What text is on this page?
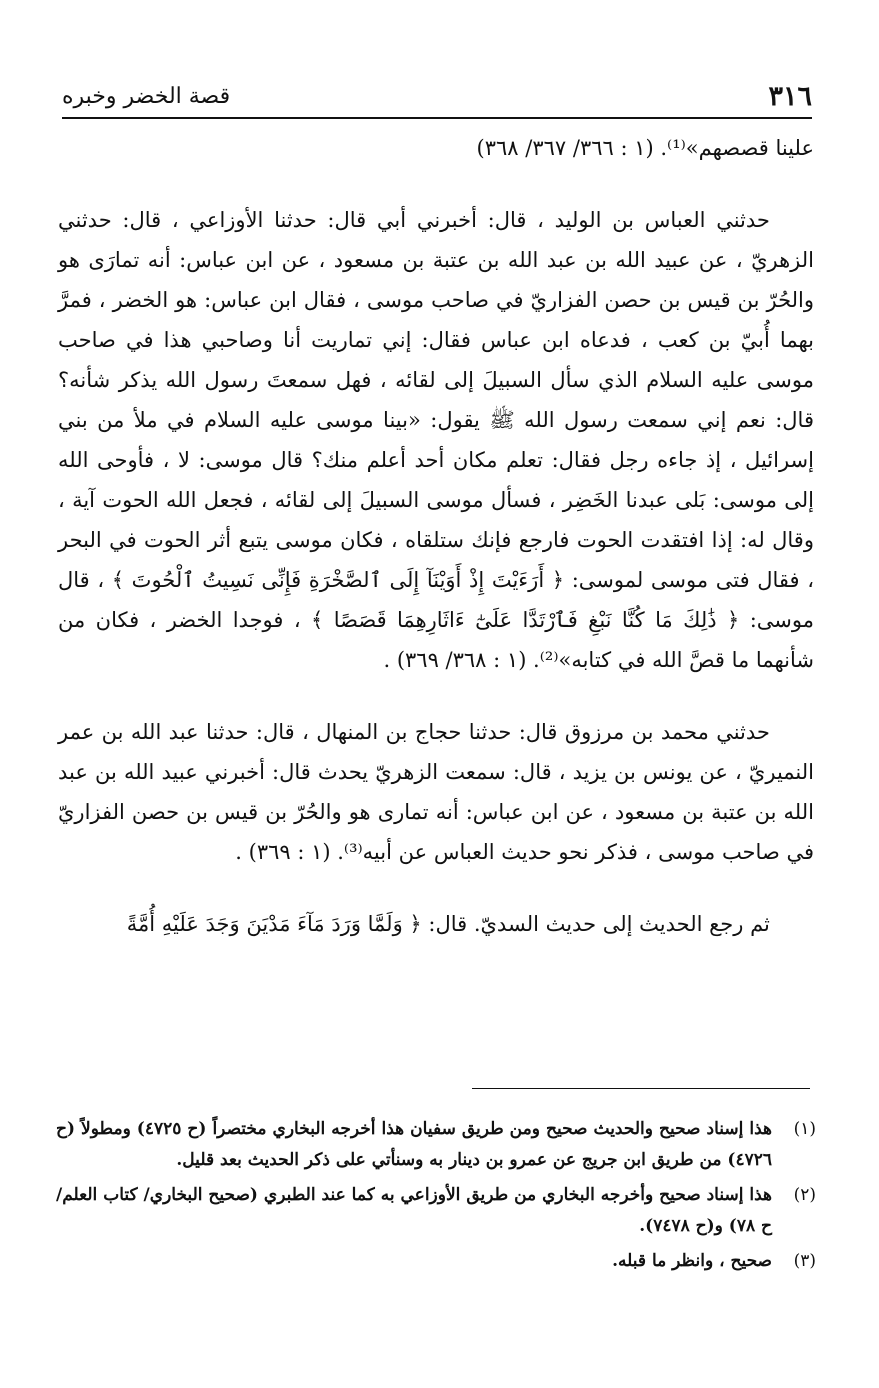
٣١٦
قصة الخضر وخبره

علينا قصصهم»⁽¹⁾. (١ : ٣٦٦/ ٣٦٧/ ٣٦٨)

حدثني العباس بن الوليد ، قال: أخبرني أبي قال: حدثنا الأوزاعي ، قال: حدثني الزهريّ ، عن عبيد الله بن عبد الله بن عتبة بن مسعود ، عن ابن عباس: أنه تمارَى هو والحُرّ بن قيس بن حصن الفزاريّ في صاحب موسى ، فقال ابن عباس: هو الخضر ، فمرَّ بهما أُبيّ بن كعب ، فدعاه ابن عباس فقال: إني تماريت أنا وصاحبي هذا في صاحب موسى عليه السلام الذي سأل السبيلَ إلى لقائه ، فهل سمعتَ رسول الله يذكر شأنه؟ قال: نعم إني سمعت رسول الله ﷺ يقول: «بينا موسى عليه السلام في ملأ من بني إسرائيل ، إذ جاءه رجل فقال: تعلم مكان أحد أعلم منك؟ قال موسى: لا ، فأوحى الله إلى موسى: بَلى عبدنا الخَضِر ، فسأل موسى السبيلَ إلى لقائه ، فجعل الله الحوت آية ، وقال له: إذا افتقدت الحوت فارجع فإنك ستلقاه ، فكان موسى يتبع أثر الحوت في البحر ، فقال فتى موسى لموسى: ﴿ أَرَءَيْتَ إِذْ أَوَيْنَآ إِلَى ٱلصَّخْرَةِ فَإِنِّى نَسِيتُ ٱلْحُوتَ ﴾ ، قال موسى: ﴿ ذَٰلِكَ مَا كُنَّا نَبْغِ فَٱرْتَدَّا عَلَىٰٓ ءَاثَارِهِمَا قَصَصًا ﴾ ، فوجدا الخضر ، فكان من شأنهما ما قصَّ الله في كتابه»⁽²⁾. (١ : ٣٦٨/ ٣٦٩) .

حدثني محمد بن مرزوق قال: حدثنا حجاج بن المنهال ، قال: حدثنا عبد الله بن عمر النميريّ ، عن يونس بن يزيد ، قال: سمعت الزهريّ يحدث قال: أخبرني عبيد الله بن عبد الله بن عتبة بن مسعود ، عن ابن عباس: أنه تمارى هو والحُرّ بن قيس بن حصن الفزاريّ في صاحب موسى ، فذكر نحو حديث العباس عن أبيه⁽³⁾. (١ : ٣٦٩) .

ثم رجع الحديث إلى حديث السديّ. قال: ﴿ وَلَمَّا وَرَدَ مَآءَ مَدْيَنَ وَجَدَ عَلَيْهِ أُمَّةً

(١)
هذا إسناد صحيح والحديث صحيح ومن طريق سفيان هذا أخرجه البخاري مختصراً (ح ٤٧٢٥) ومطولاً (ح ٤٧٢٦) من طريق ابن جريج عن عمرو بن دينار به وسنأتي على ذكر الحديث بعد قليل.
(٢)
هذا إسناد صحيح وأخرجه البخاري من طريق الأوزاعي به كما عند الطبري (صحيح البخاري/ كتاب العلم/ ح ٧٨) و(ح ٧٤٧٨).
(٣)
صحيح ، وانظر ما قبله.
